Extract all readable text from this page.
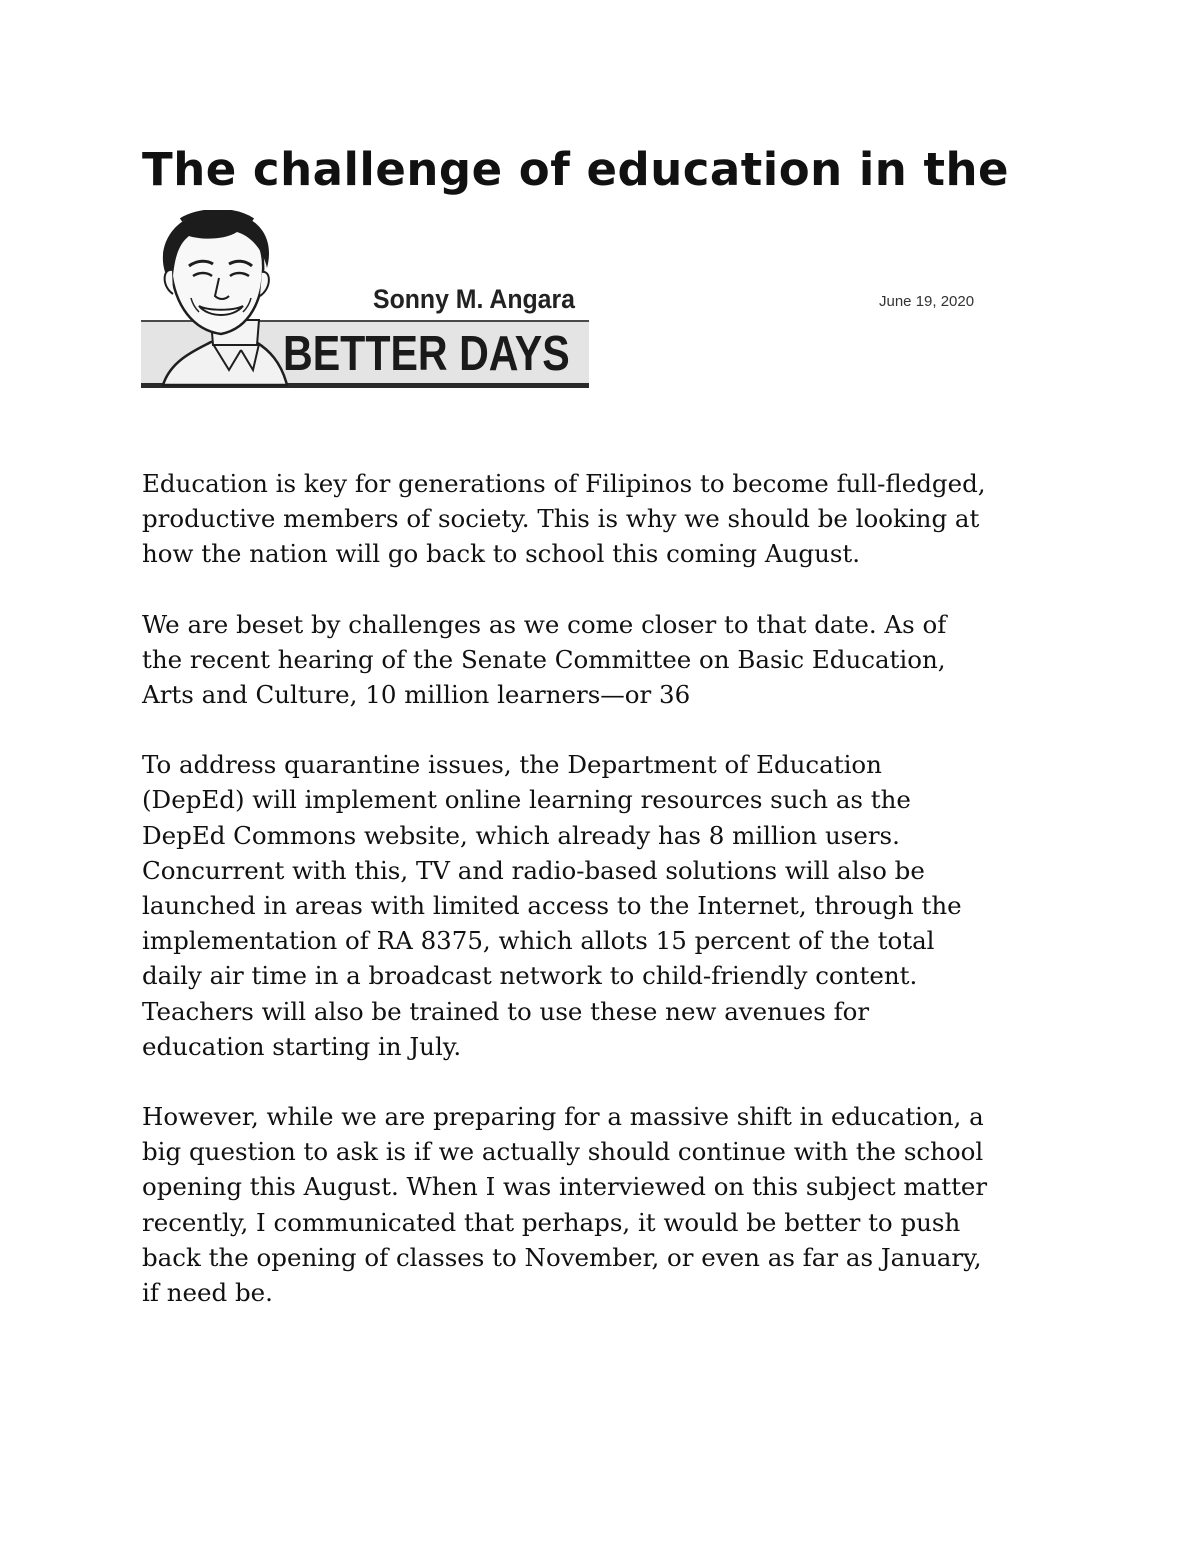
The challenge of education in the
Sonny M. Angara
BETTER DAYS
June 19, 2020

Education is key for generations of Filipinos to become full-fledged,
productive members of society. This is why we should be looking at
how the nation will go back to school this coming August.

We are beset by challenges as we come closer to that date. As of
the recent hearing of the Senate Committee on Basic Education,
Arts and Culture, 10 million learners—or 36

To address quarantine issues, the Department of Education
(DepEd) will implement online learning resources such as the
DepEd Commons website, which already has 8 million users.
Concurrent with this, TV and radio-based solutions will also be
launched in areas with limited access to the Internet, through the
implementation of RA 8375, which allots 15 percent of the total
daily air time in a broadcast network to child-friendly content.
Teachers will also be trained to use these new avenues for
education starting in July.

However, while we are preparing for a massive shift in education, a
big question to ask is if we actually should continue with the school
opening this August. When I was interviewed on this subject matter
recently, I communicated that perhaps, it would be better to push
back the opening of classes to November, or even as far as January,
if need be.
